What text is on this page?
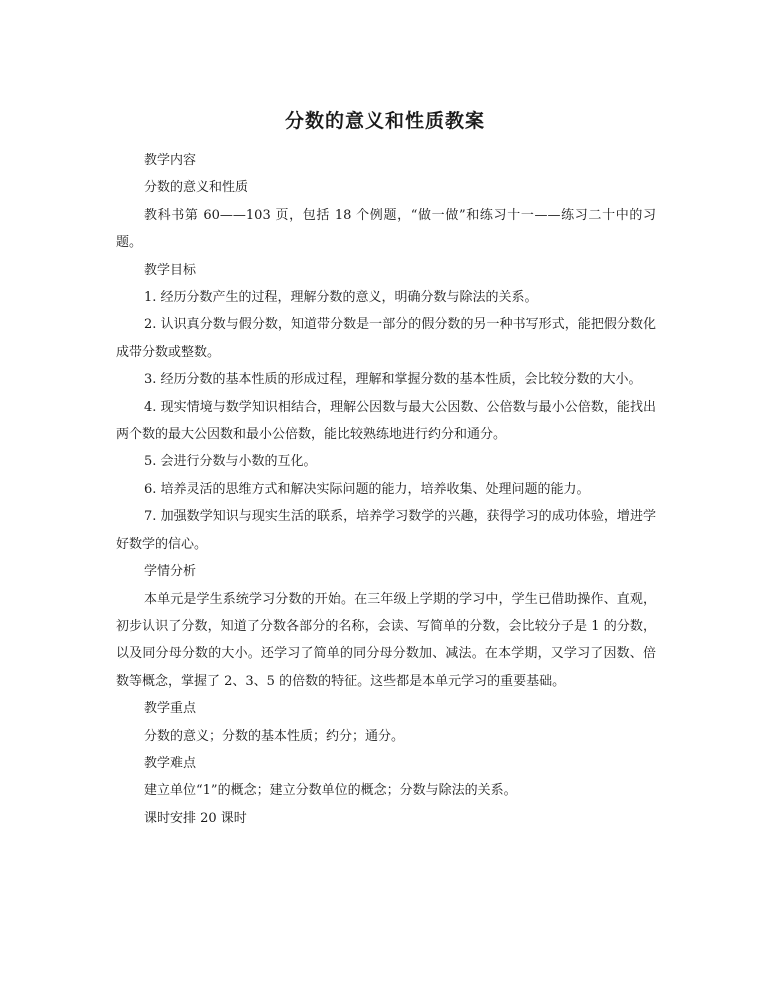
分数的意义和性质教案

教学内容

分数的意义和性质

教科书第 60——103 页，包括 18 个例题，“做一做”和练习十一——练习二十中的习题。

教学目标

1. 经历分数产生的过程，理解分数的意义，明确分数与除法的关系。

2. 认识真分数与假分数，知道带分数是一部分的假分数的另一种书写形式，能把假分数化成带分数或整数。

3. 经历分数的基本性质的形成过程，理解和掌握分数的基本性质，会比较分数的大小。

4. 现实情境与数学知识相结合，理解公因数与最大公因数、公倍数与最小公倍数，能找出两个数的最大公因数和最小公倍数，能比较熟练地进行约分和通分。

5. 会进行分数与小数的互化。

6. 培养灵活的思维方式和解决实际问题的能力，培养收集、处理问题的能力。

7. 加强数学知识与现实生活的联系，培养学习数学的兴趣，获得学习的成功体验，增进学好数学的信心。

学情分析

本单元是学生系统学习分数的开始。在三年级上学期的学习中，学生已借助操作、直观，初步认识了分数，知道了分数各部分的名称，会读、写简单的分数，会比较分子是 1 的分数，以及同分母分数的大小。还学习了简单的同分母分数加、减法。在本学期，又学习了因数、倍数等概念，掌握了 2、3、5 的倍数的特征。这些都是本单元学习的重要基础。

教学重点

分数的意义；分数的基本性质；约分；通分。

教学难点

建立单位“1”的概念；建立分数单位的概念；分数与除法的关系。

课时安排 20 课时
